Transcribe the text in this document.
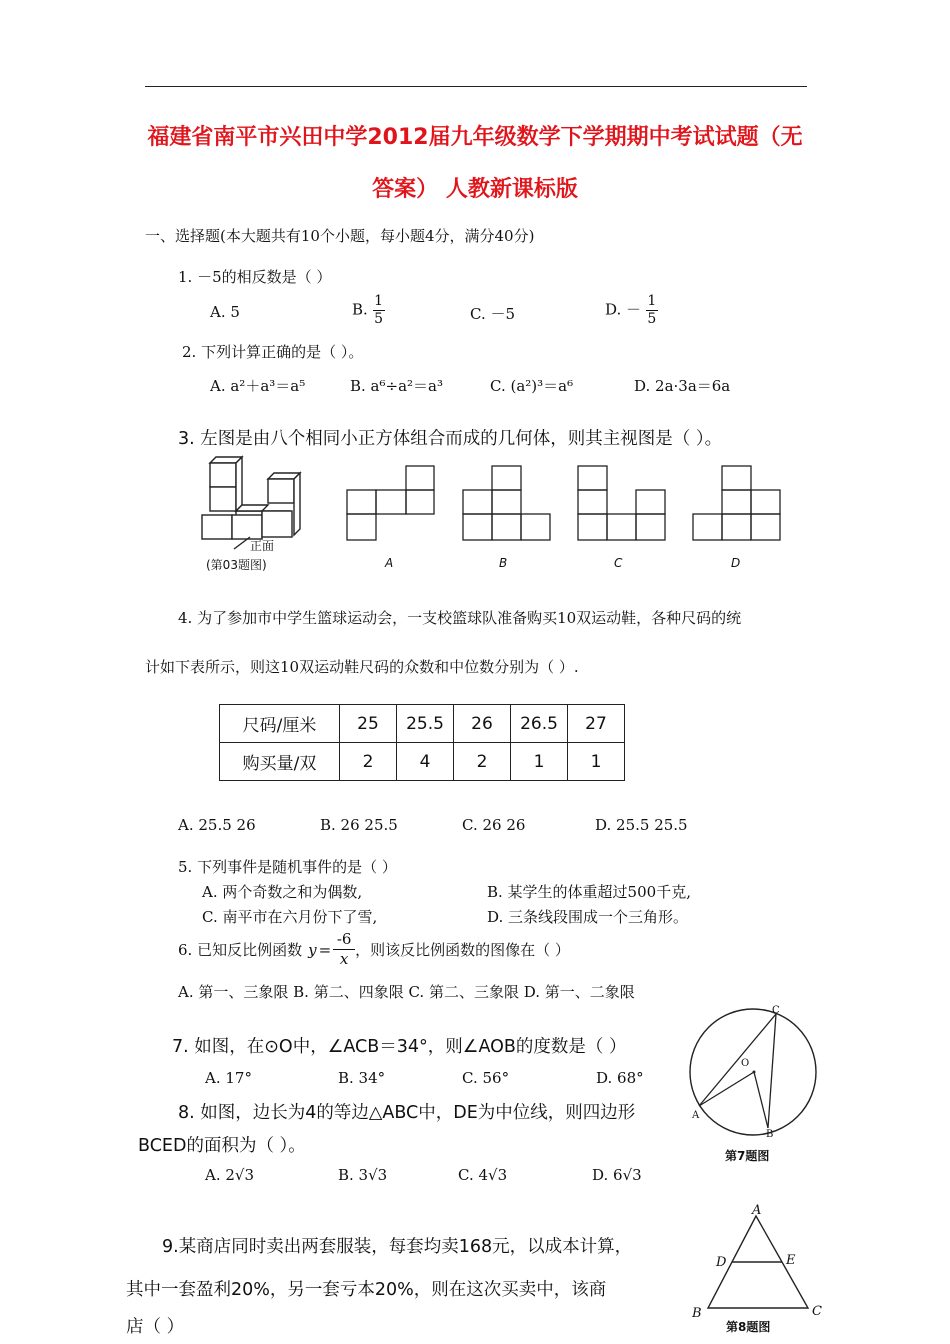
福建省南平市兴田中学2012届九年级数学下学期期中考试试题（无
答案） 人教新课标版
一、选择题(本大题共有10个小题，每小题4分，满分40分)
1. －5的相反数是（ ）
A. 5	B. $\frac{1}{5}$	C. －5	D. － $\frac{1}{5}$
2. 下列计算正确的是（ ）。
A. a²＋a³＝a⁵	B. a⁶÷a²＝a³	C. (a²)³＝a⁶	D. 2a·3a＝6a
3. 左图是由八个相同小正方体组合而成的几何体，则其主视图是（ ）。
正面
(第03题图)	A	B	C	D
4. 为了参加市中学生篮球运动会，一支校篮球队准备购买10双运动鞋，各种尺码的统
计如下表所示，则这10双运动鞋尺码的众数和中位数分别为（ ）.
尺码/厘米	25	25.5	26	26.5	27
购买量/双	2	4	2	1	1
A. 25.5 26	B. 26 25.5	C. 26 26	D. 25.5 25.5
5. 下列事件是随机事件的是（ ）
A. 两个奇数之和为偶数,	B. 某学生的体重超过500千克,
C. 南平市在六月份下了雪,	D. 三条线段围成一个三角形。
6. 已知反比例函数 $y = \frac{-6}{x}$ ，则该反比例函数的图像在（ ）
A. 第一、三象限 B. 第二、四象限 C. 第二、三象限 D. 第一、二象限
7. 如图，在⊙O中，∠ACB＝34°，则∠AOB的度数是（ ）
A. 17°	B. 34°	C. 56°	D. 68°
C
O
A
B
第7题图
8. 如图，边长为4的等边△ABC中，DE为中位线，则四边形
BCED的面积为（ ）。
A. 2√3	B. 3√3	C. 4√3	D. 6√3
9.某商店同时卖出两套服装，每套均卖168元，以成本计算，
其中一套盈利20%，另一套亏本20%，则在这次买卖中，该商
店（ ）
A
D	E
B	C
第8题图
